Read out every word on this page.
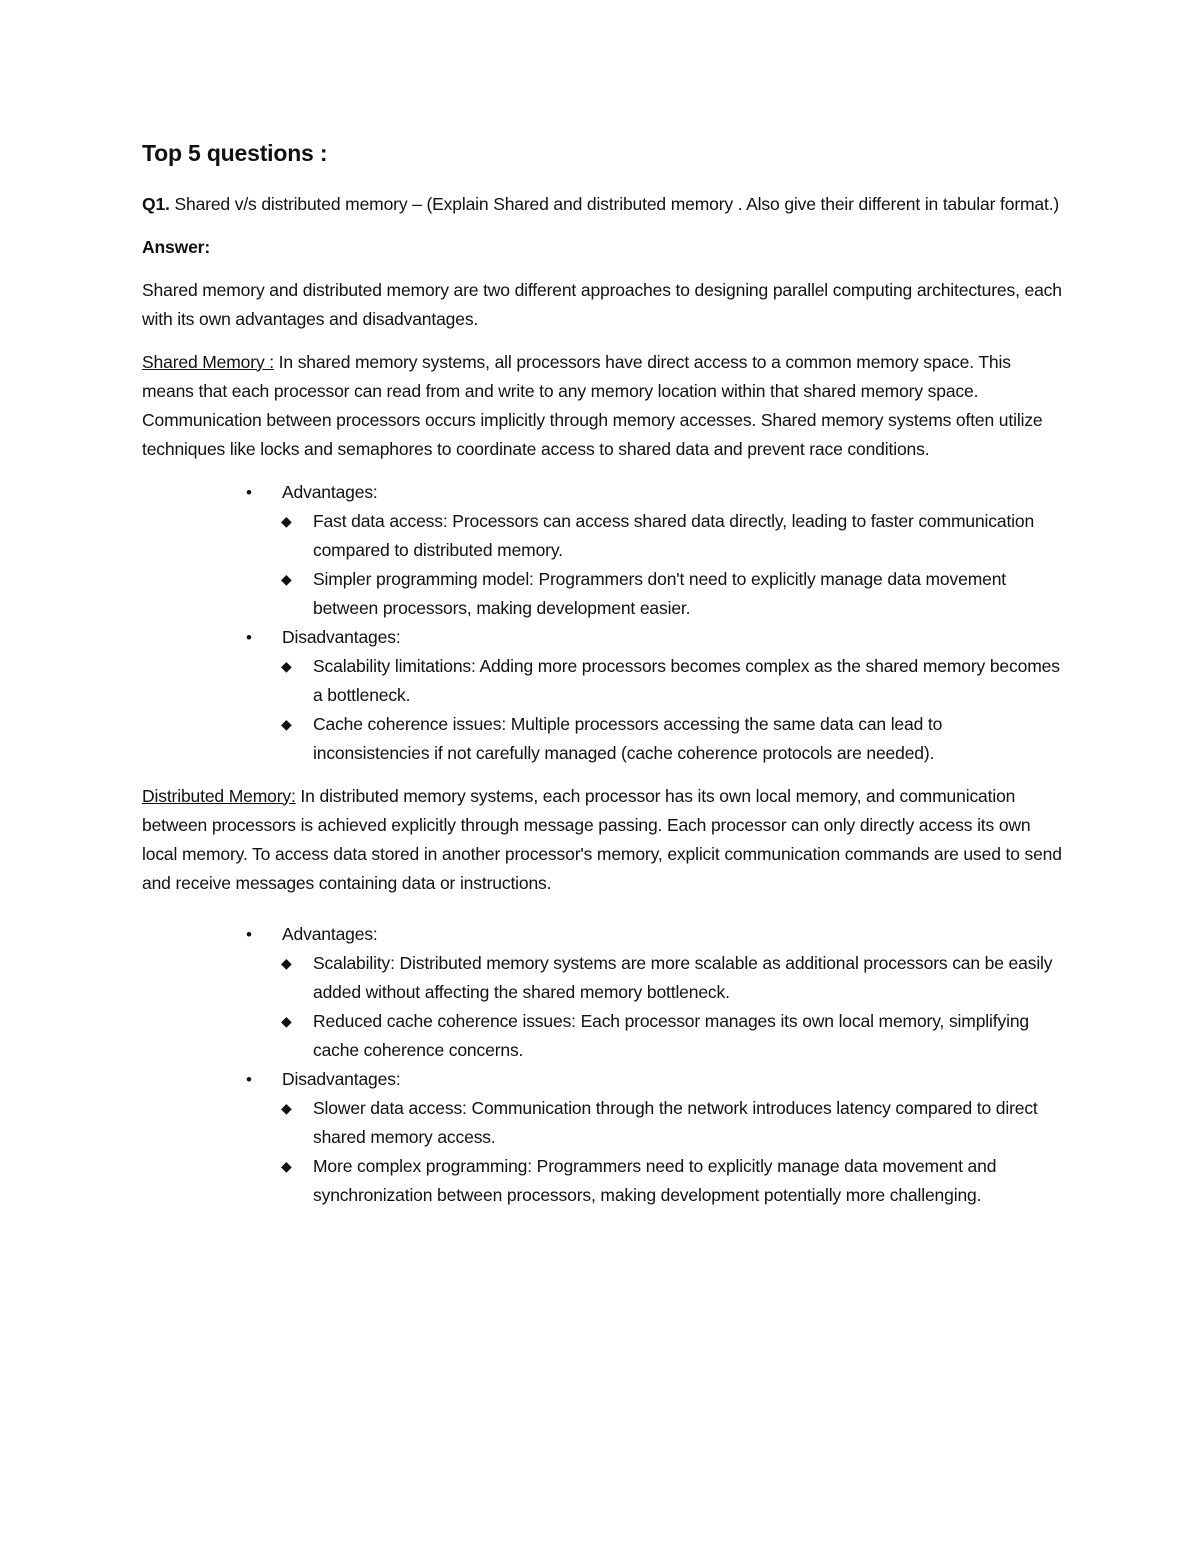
Top 5 questions :

Q1. Shared v/s distributed memory – (Explain Shared and distributed memory . Also give their different in tabular format.)

Answer:

Shared memory and distributed memory are two different approaches to designing parallel computing architectures, each with its own advantages and disadvantages.

Shared Memory : In shared memory systems, all processors have direct access to a common memory space. This means that each processor can read from and write to any memory location within that shared memory space. Communication between processors occurs implicitly through memory accesses. Shared memory systems often utilize techniques like locks and semaphores to coordinate access to shared data and prevent race conditions.

• Advantages:
◆ Fast data access: Processors can access shared data directly, leading to faster communication compared to distributed memory.
◆ Simpler programming model: Programmers don't need to explicitly manage data movement between processors, making development easier.
• Disadvantages:
◆ Scalability limitations: Adding more processors becomes complex as the shared memory becomes a bottleneck.
◆ Cache coherence issues: Multiple processors accessing the same data can lead to inconsistencies if not carefully managed (cache coherence protocols are needed).

Distributed Memory: In distributed memory systems, each processor has its own local memory, and communication between processors is achieved explicitly through message passing. Each processor can only directly access its own local memory. To access data stored in another processor's memory, explicit communication commands are used to send and receive messages containing data or instructions.

• Advantages:
◆ Scalability: Distributed memory systems are more scalable as additional processors can be easily added without affecting the shared memory bottleneck.
◆ Reduced cache coherence issues: Each processor manages its own local memory, simplifying cache coherence concerns.
• Disadvantages:
◆ Slower data access: Communication through the network introduces latency compared to direct shared memory access.
◆ More complex programming: Programmers need to explicitly manage data movement and synchronization between processors, making development potentially more challenging.
